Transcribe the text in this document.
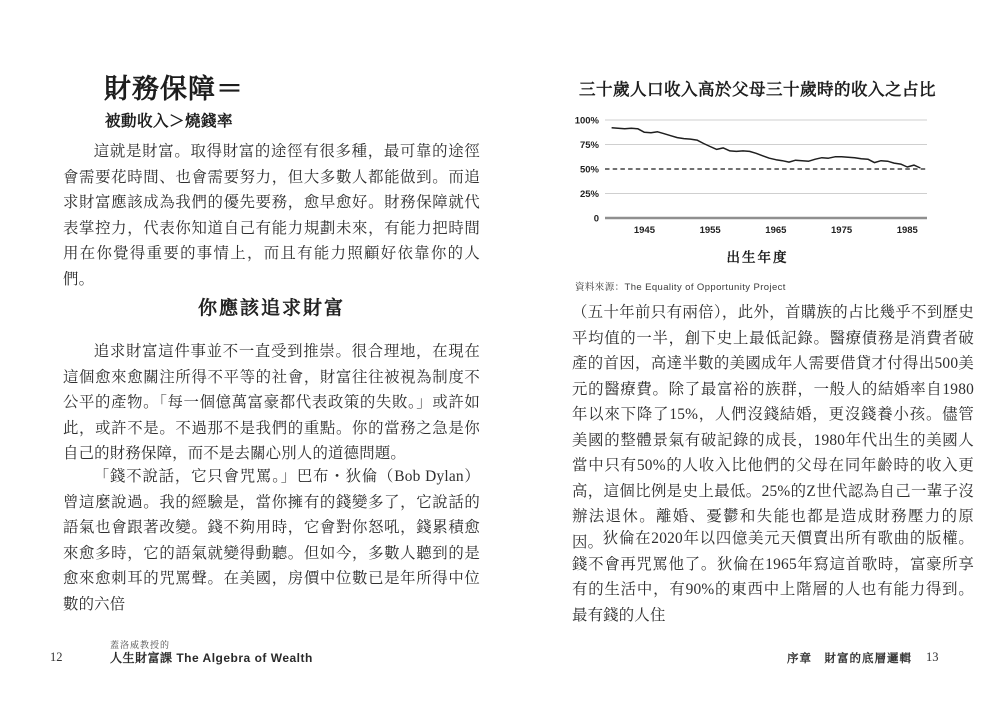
財務保障＝
被動收入＞燒錢率
這就是財富。取得財富的途徑有很多種，最可靠的途徑會需要花時間、也會需要努力，但大多數人都能做到。而追求財富應該成為我們的優先要務，愈早愈好。財務保障就代表掌控力，代表你知道自己有能力規劃未來，有能力把時間用在你覺得重要的事情上，而且有能力照顧好依靠你的人們。
你應該追求財富
追求財富這件事並不一直受到推崇。很合理地，在現在這個愈來愈關注所得不平等的社會，財富往往被視為制度不公平的產物。「每一個億萬富豪都代表政策的失敗。」或許如此，或許不是。不過那不是我們的重點。你的當務之急是你自己的財務保障，而不是去關心別人的道德問題。
「錢不說話，它只會咒罵。」巴布・狄倫（Bob Dylan）曾這麼說過。我的經驗是，當你擁有的錢變多了，它說話的語氣也會跟著改變。錢不夠用時，它會對你怒吼，錢累積愈來愈多時，它的語氣就變得動聽。但如今，多數人聽到的是愈來愈刺耳的咒罵聲。在美國，房價中位數已是年所得中位數的六倍
12
蓋洛威教授的
人生財富課 The Algebra of Wealth
三十歲人口收入高於父母三十歲時的收入之占比
100%
75%
50%
25%
0
1945	1955	1965	1975	1985
出生年度
資料來源：The Equality of Opportunity Project
（五十年前只有兩倍），此外，首購族的占比幾乎不到歷史平均值的一半，創下史上最低記錄。醫療債務是消費者破產的首因，高達半數的美國成年人需要借貸才付得出500美元的醫療費。除了最富裕的族群，一般人的結婚率自1980年以來下降了15%，人們沒錢結婚，更沒錢養小孩。儘管美國的整體景氣有破記錄的成長，1980年代出生的美國人當中只有50%的人收入比他們的父母在同年齡時的收入更高，這個比例是史上最低。25%的Z世代認為自己一輩子沒辦法退休。離婚、憂鬱和失能也都是造成財務壓力的原因。 狄倫在2020年以四億美元天價賣出所有歌曲的版權。錢不會再咒罵他了。狄倫在1965年寫這首歌時，富豪所享有的生活中，有90%的東西中上階層的人也有能力得到。最有錢的人住
序章　財富的底層邏輯 13
